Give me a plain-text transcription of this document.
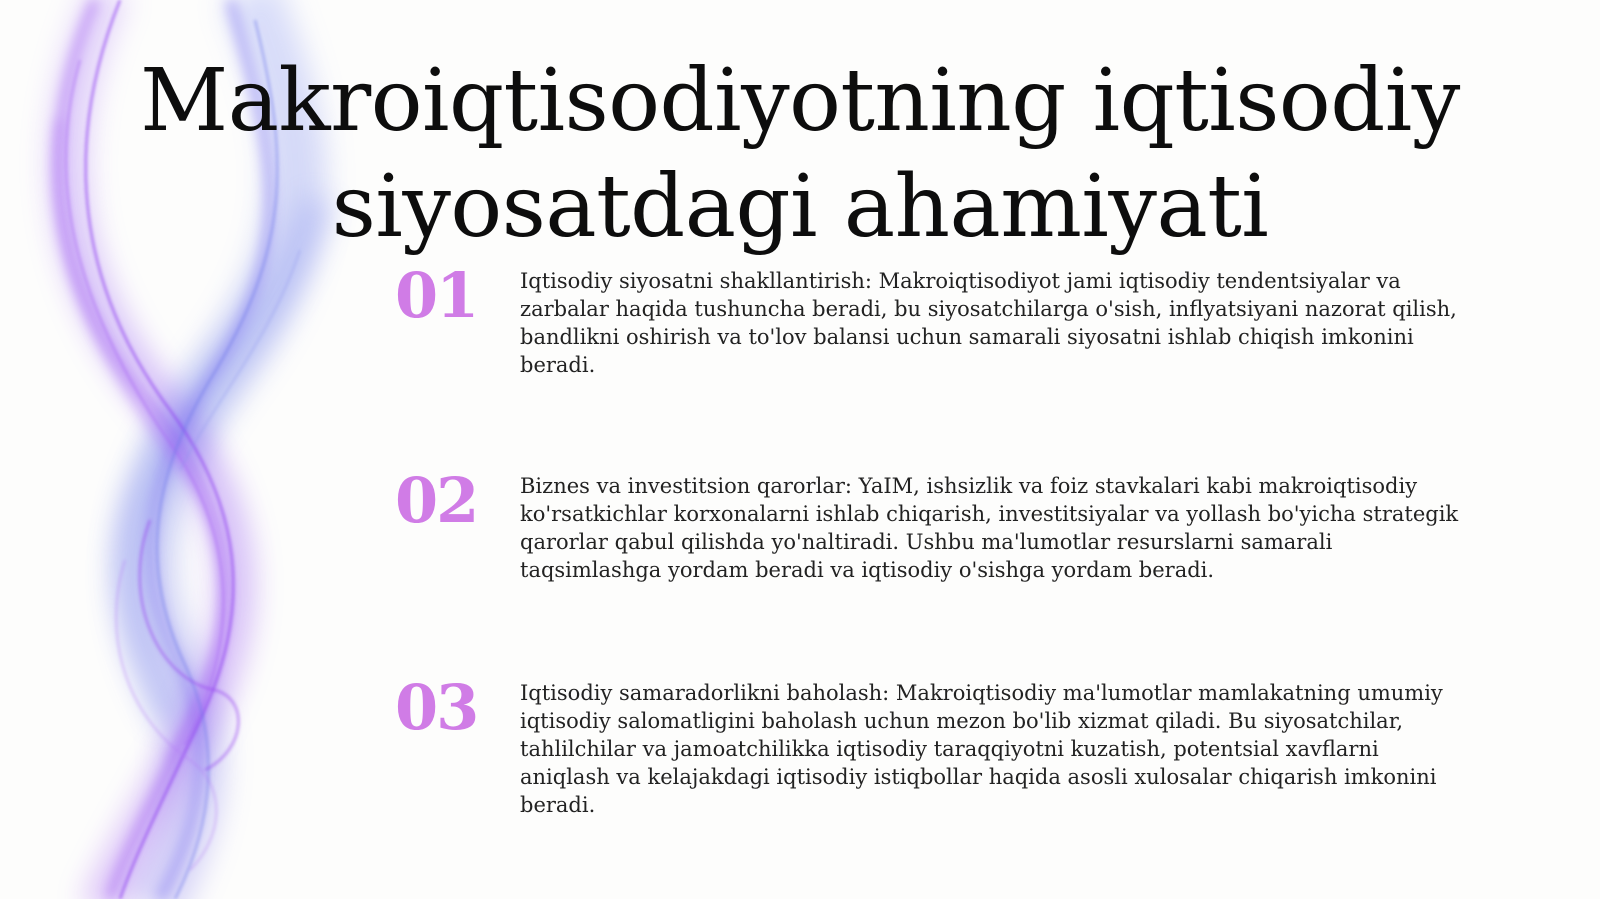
Makroiqtisodiyotning iqtisodiy siyosatdagi ahamiyati
01	Iqtisodiy siyosatni shakllantirish: Makroiqtisodiyot jami iqtisodiy tendentsiyalar va zarbalar haqida tushuncha beradi, bu siyosatchilarga o'sish, inflyatsiyani nazorat qilish, bandlikni oshirish va to'lov balansi uchun samarali siyosatni ishlab chiqish imkonini beradi.

02	Biznes va investitsion qarorlar: YaIM, ishsizlik va foiz stavkalari kabi makroiqtisodiy ko'rsatkichlar korxonalarni ishlab chiqarish, investitsiyalar va yollash bo'yicha strategik qarorlar qabul qilishda yo'naltiradi. Ushbu ma'lumotlar resurslarni samarali taqsimlashga yordam beradi va iqtisodiy o'sishga yordam beradi.

03	Iqtisodiy samaradorlikni baholash: Makroiqtisodiy ma'lumotlar mamlakatning umumiy iqtisodiy salomatligini baholash uchun mezon bo'lib xizmat qiladi. Bu siyosatchilar, tahlilchilar va jamoatchilikka iqtisodiy taraqqiyotni kuzatish, potentsial xavflarni aniqlash va kelajakdagi iqtisodiy istiqbollar haqida asosli xulosalar chiqarish imkonini beradi.
